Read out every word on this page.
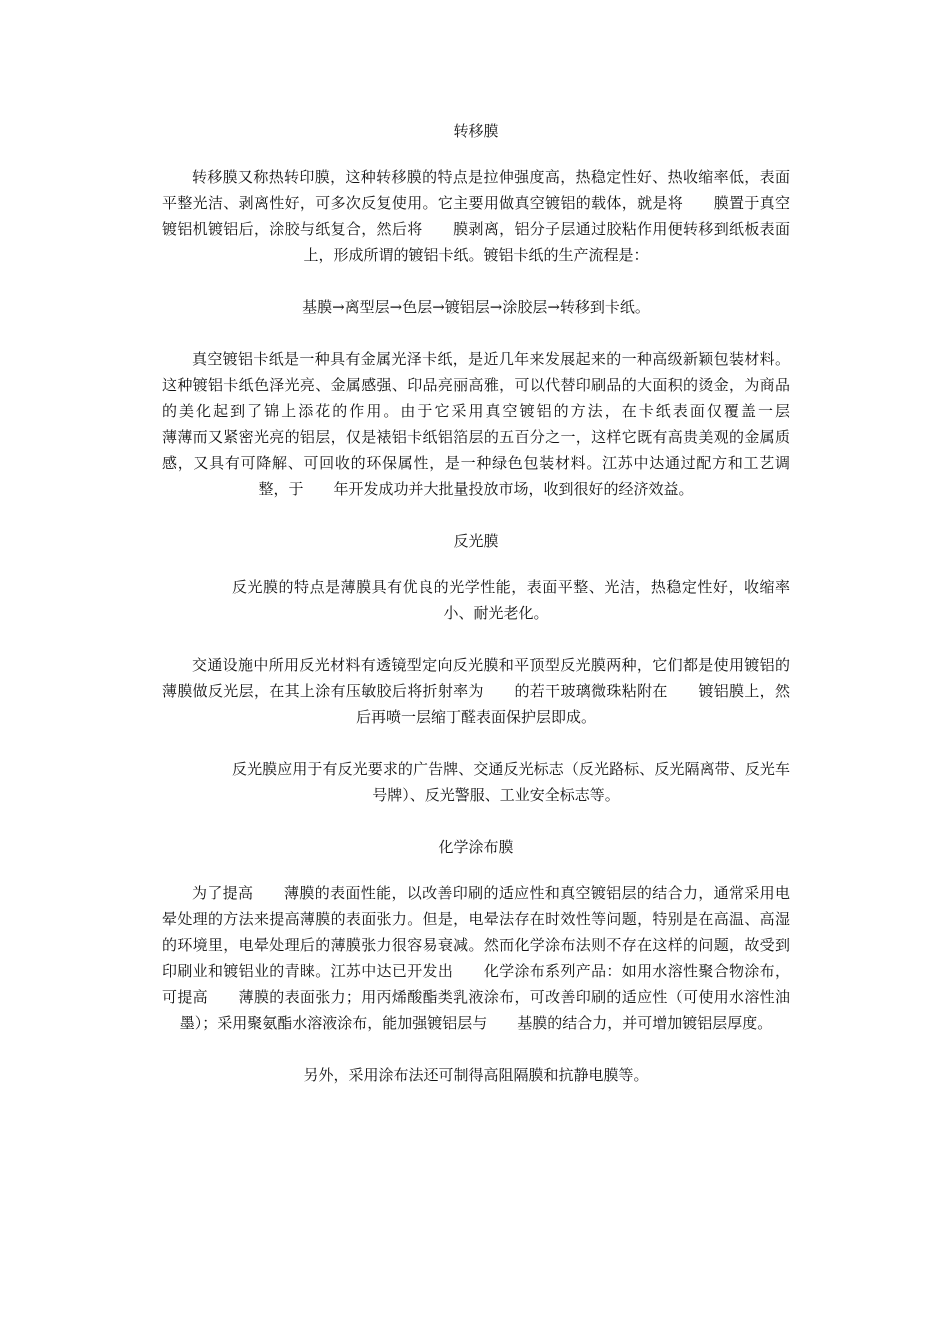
转移膜

转移膜又称热转印膜，这种转移膜的特点是拉伸强度高，热稳定性好、热收缩率低，表面平整光洁、剥离性好，可多次反复使用。它主要用做真空镀铝的载体，就是将　　膜置于真空镀铝机镀铝后，涂胶与纸复合，然后将　　膜剥离，铝分子层通过胶粘作用便转移到纸板表面上，形成所谓的镀铝卡纸。镀铝卡纸的生产流程是：

基膜→离型层→色层→镀铝层→涂胶层→转移到卡纸。

真空镀铝卡纸是一种具有金属光泽卡纸，是近几年来发展起来的一种高级新颖包装材料。这种镀铝卡纸色泽光亮、金属感强、印品亮丽高雅，可以代替印刷品的大面积的烫金，为商品的美化起到了锦上添花的作用。由于它采用真空镀铝的方法，在卡纸表面仅覆盖一层　　　　　　薄薄而又紧密光亮的铝层，仅是裱铝卡纸铝箔层的五百分之一，这样它既有高贵美观的金属质感，又具有可降解、可回收的环保属性，是一种绿色包装材料。江苏中达通过配方和工艺调整，于　　年开发成功并大批量投放市场，收到很好的经济效益。

反光膜

反光膜的特点是薄膜具有优良的光学性能，表面平整、光洁，热稳定性好，收缩率小、耐光老化。

交通设施中所用反光材料有透镜型定向反光膜和平顶型反光膜两种，它们都是使用镀铝的　　薄膜做反光层，在其上涂有压敏胶后将折射率为　　的若干玻璃微珠粘附在　　镀铝膜上，然后再喷一层缩丁醛表面保护层即成。

反光膜应用于有反光要求的广告牌、交通反光标志（反光路标、反光隔离带、反光车号牌）、反光警服、工业安全标志等。

化学涂布膜

为了提高　　薄膜的表面性能，以改善印刷的适应性和真空镀铝层的结合力，通常采用电晕处理的方法来提高薄膜的表面张力。但是，电晕法存在时效性等问题，特别是在高温、高湿的环境里，电晕处理后的薄膜张力很容易衰减。然而化学涂布法则不存在这样的问题，故受到印刷业和镀铝业的青睐。江苏中达已开发出　　化学涂布系列产品：如用水溶性聚合物涂布，可提高　　薄膜的表面张力；用丙烯酸酯类乳液涂布，可改善印刷的适应性（可使用水溶性油墨）；采用聚氨酯水溶液涂布，能加强镀铝层与　　基膜的结合力，并可增加镀铝层厚度。

另外，采用涂布法还可制得高阻隔膜和抗静电膜等。
